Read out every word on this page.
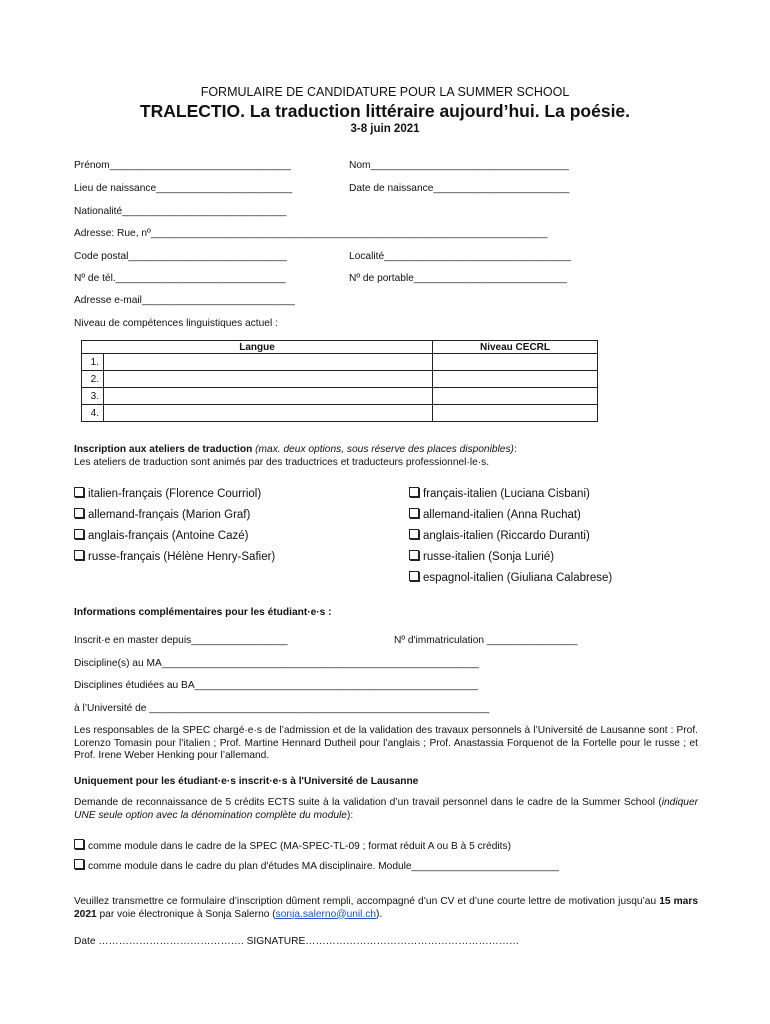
FORMULAIRE DE CANDIDATURE POUR LA SUMMER SCHOOL
TRALECTIO. La traduction littéraire aujourd’hui. La poésie.
3-8 juin 2021
Prénom________________________________	Nom___________________________________
Lieu de naissance________________________	Date de naissance________________________
Nationalité_____________________________
Adresse: Rue, nº______________________________________________________________________
Code postal____________________________	Localité_________________________________
Nº de tél.______________________________	Nº de portable___________________________
Adresse e-mail___________________________
Niveau de compétences linguistiques actuel :
Langue		Niveau CECRL
1.		
2.		
3.		
4.		
Inscription aux ateliers de traduction (max. deux options, sous réserve des places disponibles):
Les ateliers de traduction sont animés par des traductrices et traducteurs professionnel·le·s.
italien-français (Florence Courriol)
allemand-français (Marion Graf)
anglais-français (Antoine Cazé)
russe-français (Hélène Henry-Safier)
français-italien (Luciana Cisbani)
allemand-italien (Anna Ruchat)
anglais-italien (Riccardo Duranti)
russe-italien (Sonja Lurié)
espagnol-italien (Giuliana Calabrese)
Informations complémentaires pour les étudiant·e·s :
Inscrit·e en master depuis_________________	Nº d'immatriculation ________________
Discipline(s) au MA________________________________________________________
Disciplines étudiées au BA__________________________________________________
à l’Université de ____________________________________________________________
Les responsables de la SPEC chargé·e·s de l’admission et de la validation des travaux personnels à l’Université de Lausanne sont : Prof. Lorenzo Tomasin pour l’italien ; Prof. Martine Hennard Dutheil pour l’anglais ; Prof. Anastassia Forquenot de la Fortelle pour le russe ; et Prof. Irene Weber Henking pour l’allemand.
Uniquement pour les étudiant·e·s inscrit·e·s à l'Université de Lausanne
Demande de reconnaissance de 5 crédits ECTS suite à la validation d’un travail personnel dans le cadre de la Summer School (indiquer UNE seule option avec la dénomination complète du module):
comme module dans le cadre de la SPEC (MA-SPEC-TL-09 ; format réduit A ou B à 5 crédits)
comme module dans le cadre du plan d'études MA disciplinaire. Module__________________________
Veuillez transmettre ce formulaire d’inscription dûment rempli, accompagné d’un CV et d’une courte lettre de motivation jusqu’au 15 mars 2021 par voie électronique à Sonja Salerno (sonja.salerno@unil.ch).
Date ……………………………………. SIGNATURE………………………………………………………
